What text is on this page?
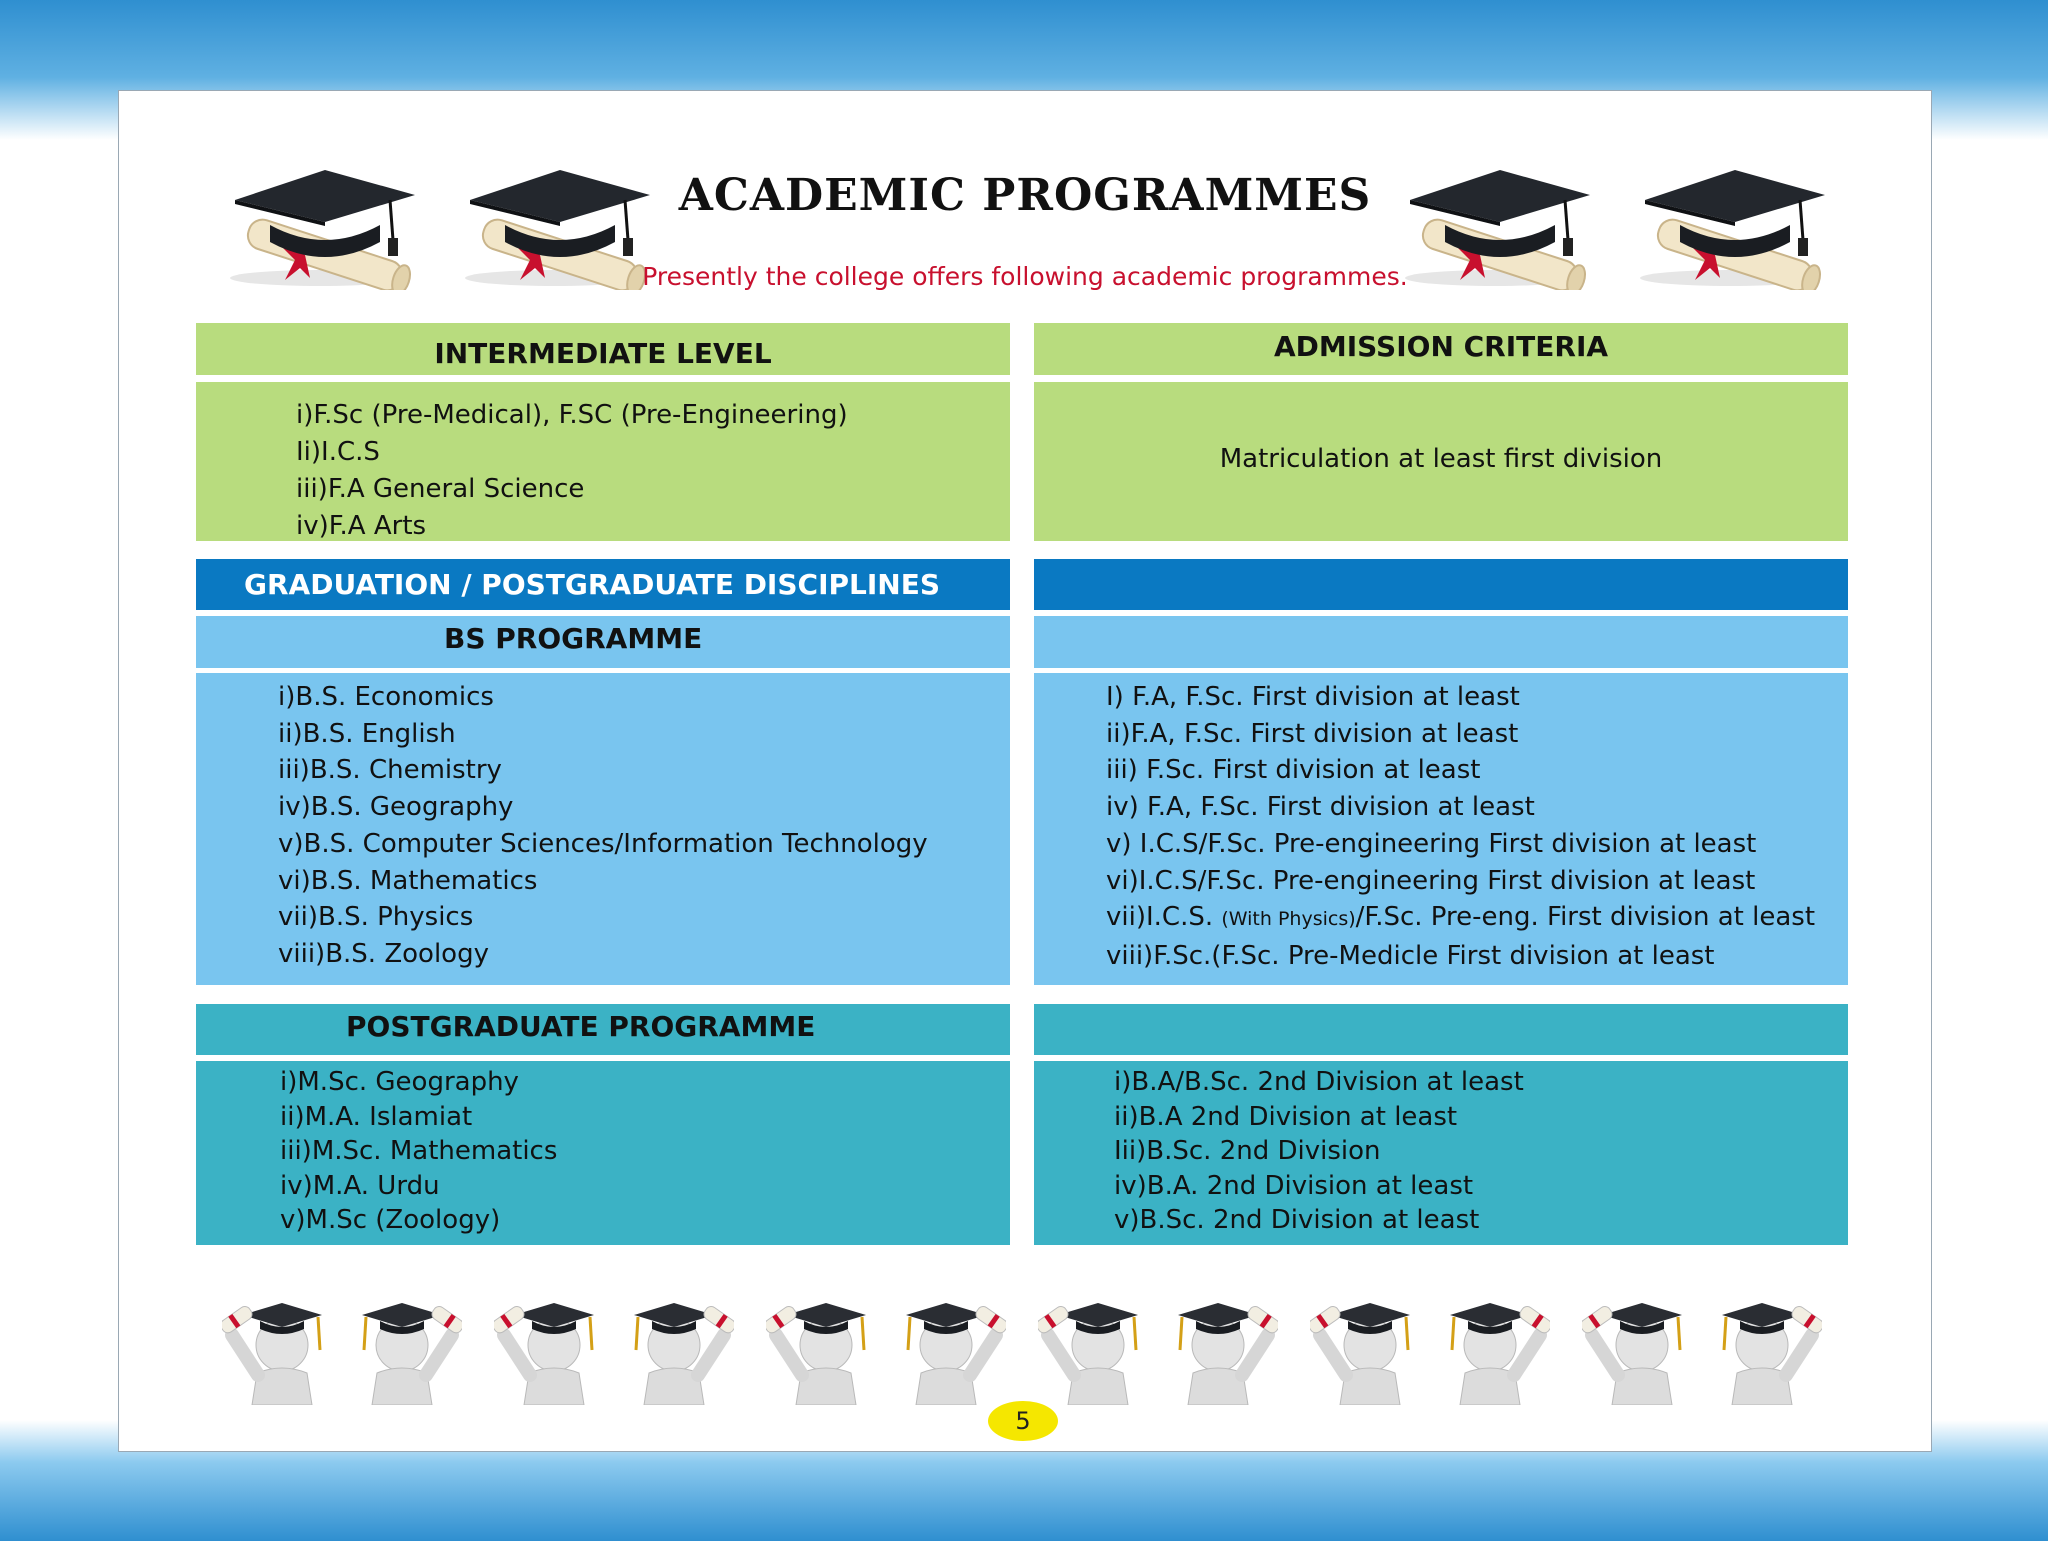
ACADEMIC PROGRAMMES
Presently the college offers following academic programmes.
INTERMEDIATE LEVEL	ADMISSION CRITERIA
i)F.Sc (Pre-Medical), F.SC (Pre-Engineering)
Ii)I.C.S
iii)F.A General Science
iv)F.A Arts
Matriculation at least first division
GRADUATION / POSTGRADUATE DISCIPLINES
BS PROGRAMME
i)B.S. Economics
ii)B.S. English
iii)B.S. Chemistry
iv)B.S. Geography
v)B.S. Computer Sciences/Information Technology
vi)B.S. Mathematics
vii)B.S. Physics
viii)B.S. Zoology
I) F.A, F.Sc. First division at least
ii)F.A, F.Sc. First division at least
iii) F.Sc. First division at least
iv) F.A, F.Sc. First division at least
v) I.C.S/F.Sc. Pre-engineering First division at least
vi)I.C.S/F.Sc. Pre-engineering First division at least
vii)I.C.S. (With Physics)/F.Sc. Pre-eng. First division at least
viii)F.Sc.(F.Sc. Pre-Medicle First division at least
POSTGRADUATE PROGRAMME
i)M.Sc. Geography
ii)M.A. Islamiat
iii)M.Sc. Mathematics
iv)M.A. Urdu
v)M.Sc (Zoology)
i)B.A/B.Sc. 2nd Division at least
ii)B.A 2nd Division at least
Iii)B.Sc. 2nd Division
iv)B.A. 2nd Division at least
v)B.Sc. 2nd Division at least
5
